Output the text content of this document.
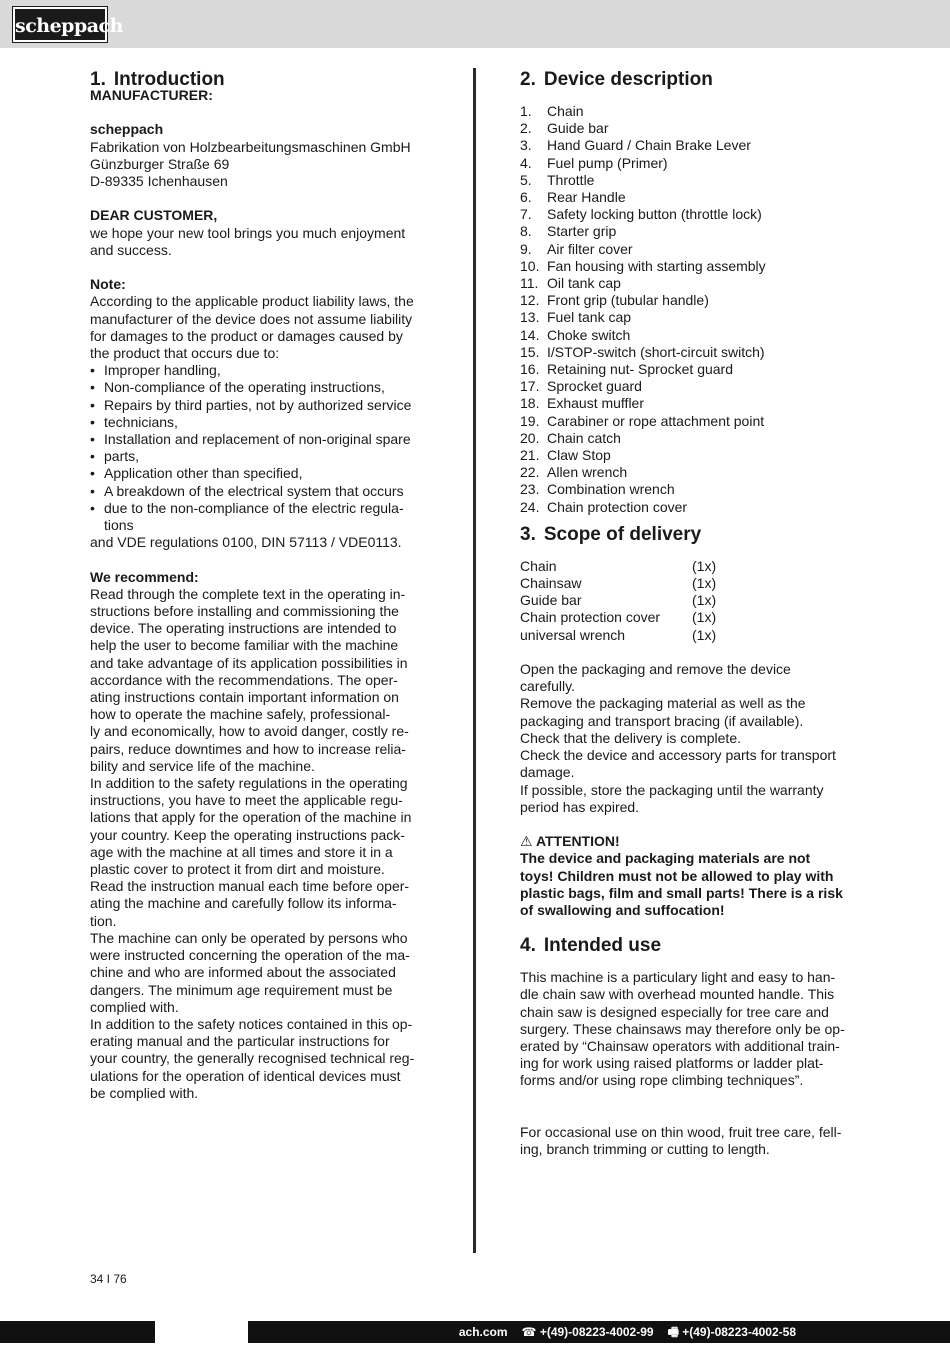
scheppach
1. Introduction
MANUFACTURER:
scheppach
Fabrikation von Holzbearbeitungsmaschinen GmbH
Günzburger Straße 69
D-89335 Ichenhausen
DEAR CUSTOMER,
we hope your new tool brings you much enjoyment
and success.
Note:
According to the applicable product liability laws, the
manufacturer of the device does not assume liability
for damages to the product or damages caused by
the product that occurs due to:
• Improper handling,
• Non-compliance of the operating instructions,
• Repairs by third parties, not by authorized service
• technicians,
• Installation and replacement of non-original spare
• parts,
• Application other than specified,
• A breakdown of the electrical system that occurs
• due to the non-compliance of the electric regula-
tions
and VDE regulations 0100, DIN 57113 / VDE0113.
We recommend:
Read through the complete text in the operating in-
structions before installing and commissioning the
device. The operating instructions are intended to
help the user to become familiar with the machine
and take advantage of its application possibilities in
accordance with the recommendations. The oper-
ating instructions contain important information on
how to operate the machine safely, professional-
ly and economically, how to avoid danger, costly re-
pairs, reduce downtimes and how to increase relia-
bility and service life of the machine.
In addition to the safety regulations in the operating
instructions, you have to meet the applicable regu-
lations that apply for the operation of the machine in
your country. Keep the operating instructions pack-
age with the machine at all times and store it in a
plastic cover to protect it from dirt and moisture.
Read the instruction manual each time before oper-
ating the machine and carefully follow its informa-
tion.
The machine can only be operated by persons who
were instructed concerning the operation of the ma-
chine and who are informed about the associated
dangers. The minimum age requirement must be
complied with.
In addition to the safety notices contained in this op-
erating manual and the particular instructions for
your country, the generally recognised technical reg-
ulations for the operation of identical devices must
be complied with.
2. Device description
1.	Chain
2.	Guide bar
3.	Hand Guard / Chain Brake Lever
4.	Fuel pump (Primer)
5.	Throttle
6.	Rear Handle
7.	Safety locking button (throttle lock)
8.	Starter grip
9.	Air filter cover
10. Fan housing with starting assembly
11. Oil tank cap
12. Front grip (tubular handle)
13. Fuel tank cap
14. Choke switch
15. I/STOP-switch (short-circuit switch)
16. Retaining nut- Sprocket guard
17. Sprocket guard
18. Exhaust muffler
19. Carabiner or rope attachment point
20. Chain catch
21. Claw Stop
22. Allen wrench
23. Combination wrench
24. Chain protection cover
3. Scope of delivery
Chain	(1x)
Chainsaw	(1x)
Guide bar	(1x)
Chain protection cover	(1x)
universal wrench	(1x)
Open the packaging and remove the device
carefully.
Remove the packaging material as well as the
packaging and transport bracing (if available).
Check that the delivery is complete.
Check the device and accessory parts for transport
damage.
If possible, store the packaging until the warranty
period has expired.
⚠ ATTENTION!
The device and packaging materials are not
toys! Children must not be allowed to play with
plastic bags, film and small parts! There is a risk
of swallowing and suffocation!
4. Intended use
This machine is a particulary light and easy to han-
dle chain saw with overhead mounted handle. This
chain saw is designed especially for tree care and
surgery. These chainsaws may therefore only be op-
erated by “Chainsaw operators with additional train-
ing for work using raised platforms or ladder plat-
forms and/or using rope climbing techniques”.
For occasional use on thin wood, fruit tree care, fell-
ing, branch trimming or cutting to length.
34 I 76
ach.com ☎ +(49)-08223-4002-99 🖷 +(49)-08223-4002-58
